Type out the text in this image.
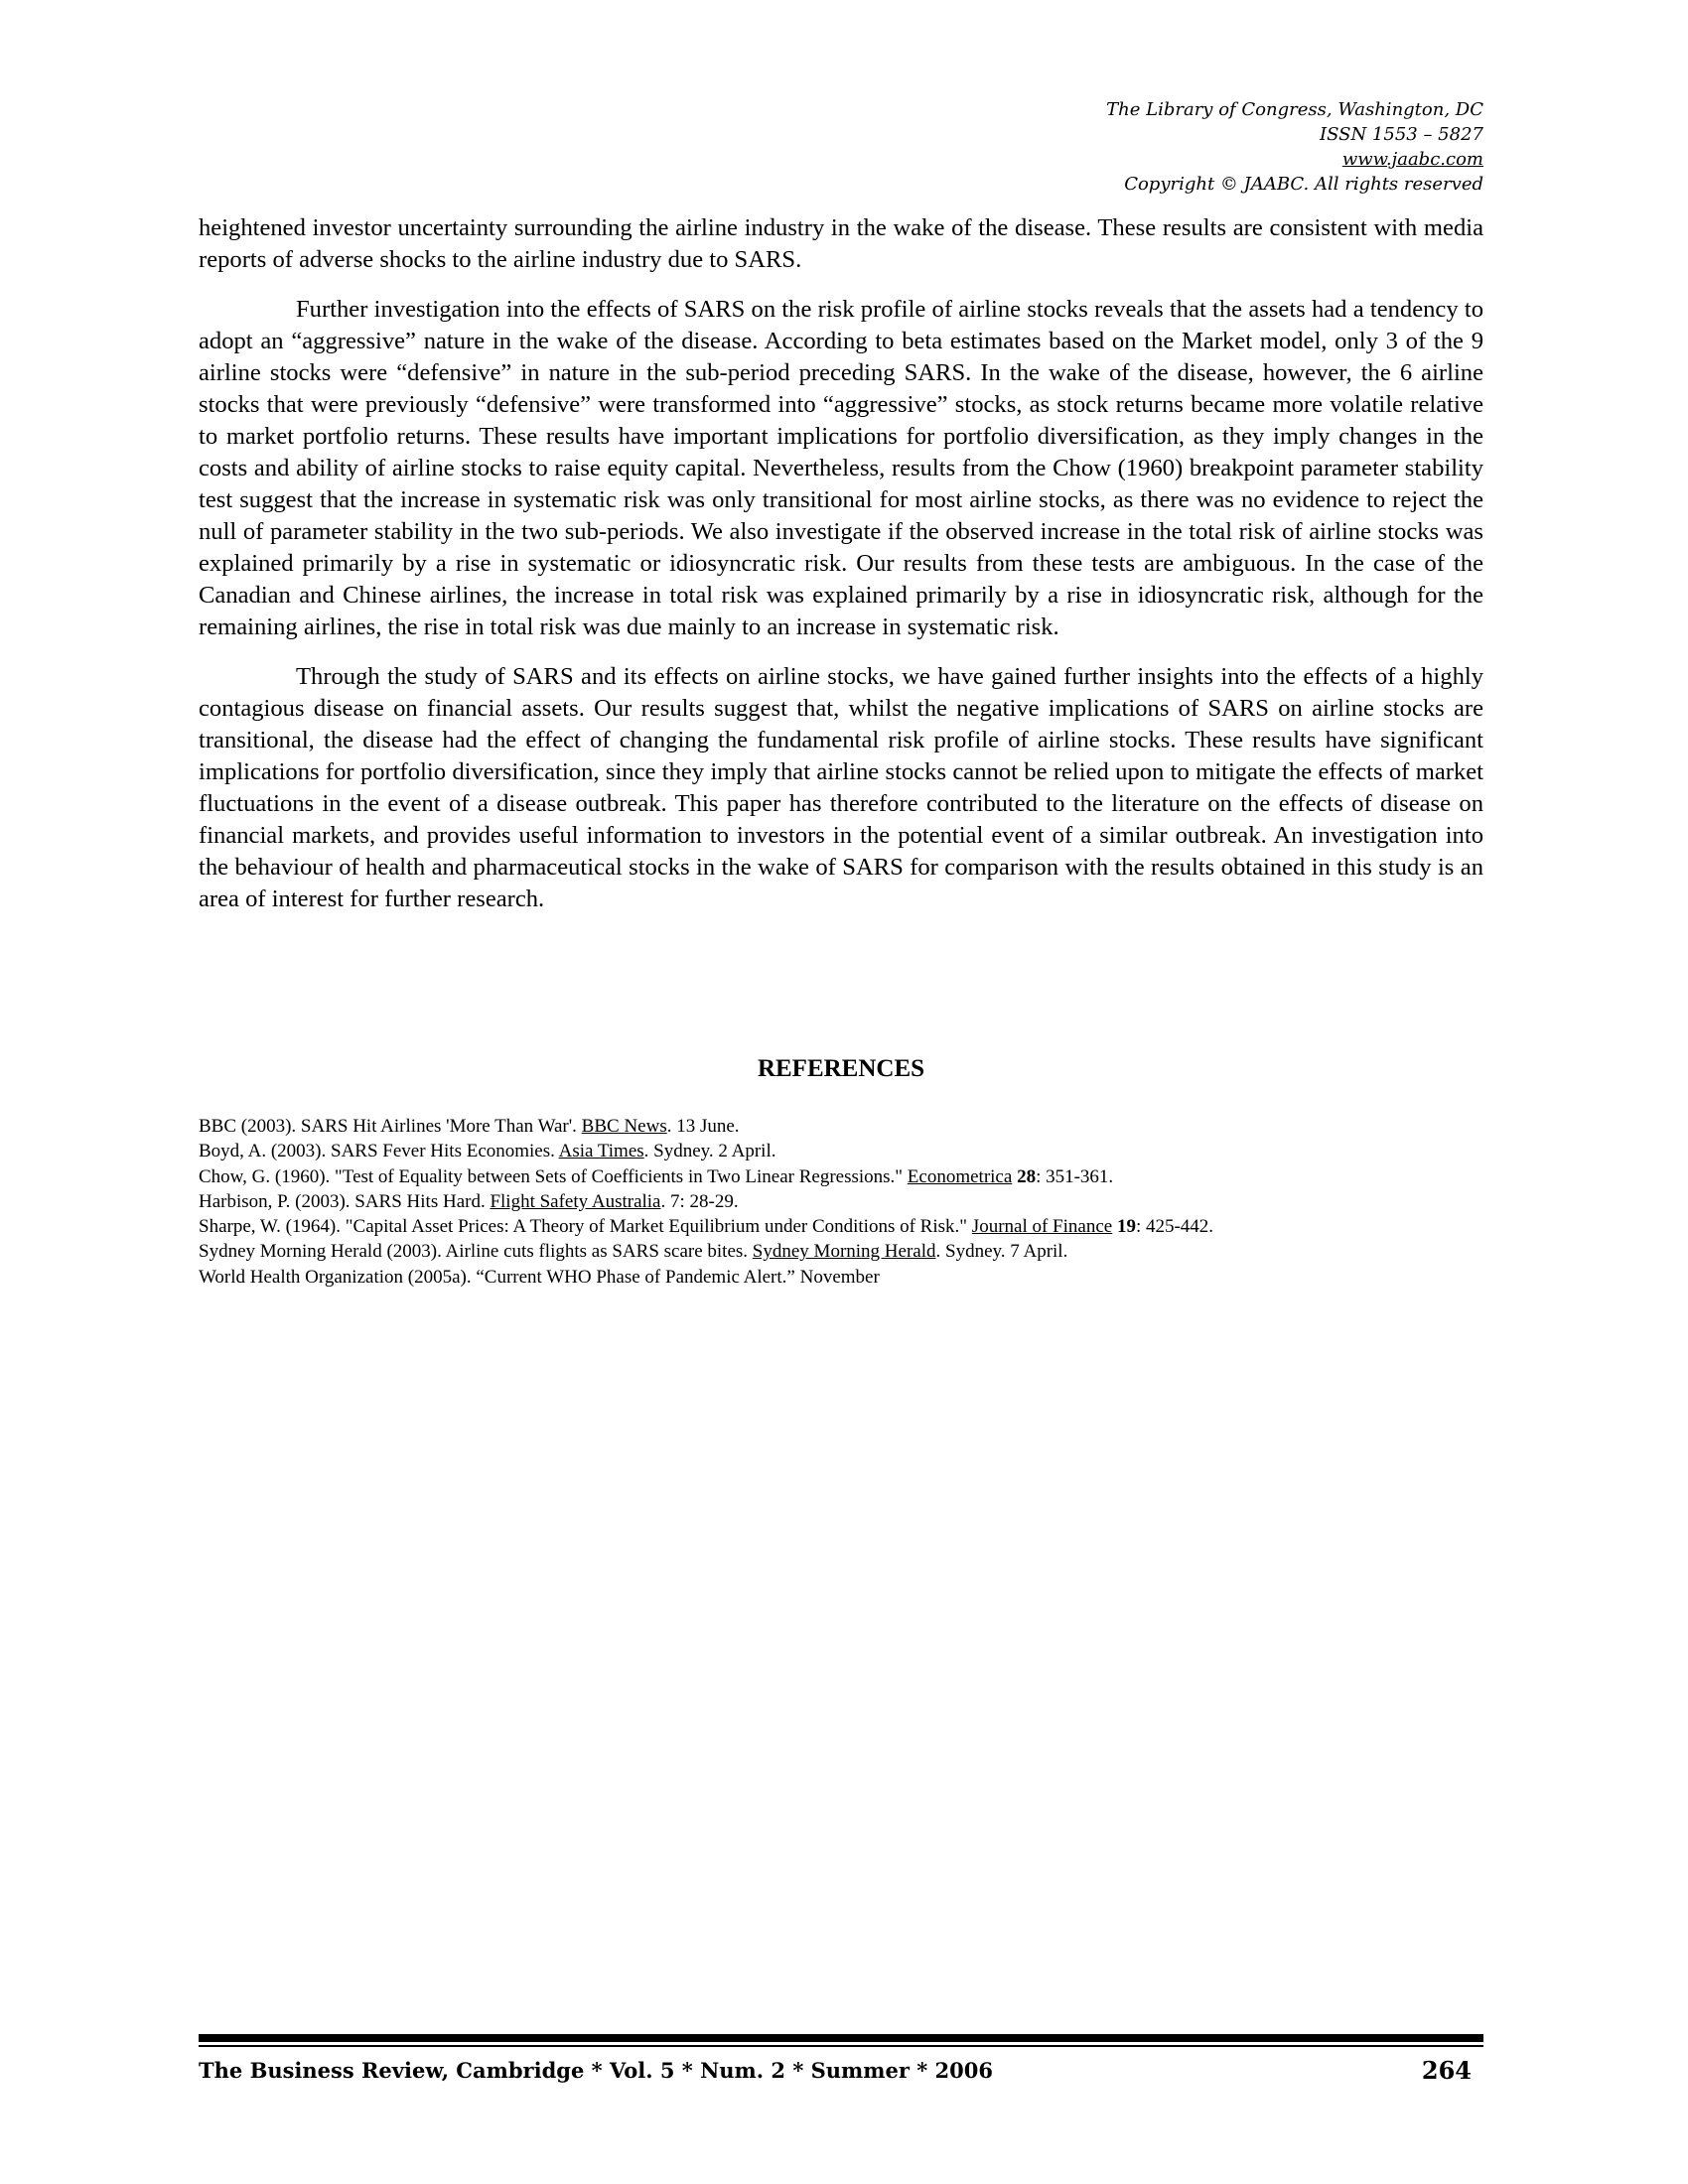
The Library of Congress, Washington, DC
ISSN 1553 – 5827
www.jaabc.com
Copyright © JAABC. All rights reserved

heightened investor uncertainty surrounding the airline industry in the wake of the disease. These results are consistent with media reports of adverse shocks to the airline industry due to SARS.

Further investigation into the effects of SARS on the risk profile of airline stocks reveals that the assets had a tendency to adopt an “aggressive” nature in the wake of the disease. According to beta estimates based on the Market model, only 3 of the 9 airline stocks were “defensive” in nature in the sub-period preceding SARS. In the wake of the disease, however, the 6 airline stocks that were previously “defensive” were transformed into “aggressive” stocks, as stock returns became more volatile relative to market portfolio returns. These results have important implications for portfolio diversification, as they imply changes in the costs and ability of airline stocks to raise equity capital. Nevertheless, results from the Chow (1960) breakpoint parameter stability test suggest that the increase in systematic risk was only transitional for most airline stocks, as there was no evidence to reject the null of parameter stability in the two sub-periods. We also investigate if the observed increase in the total risk of airline stocks was explained primarily by a rise in systematic or idiosyncratic risk. Our results from these tests are ambiguous. In the case of the Canadian and Chinese airlines, the increase in total risk was explained primarily by a rise in idiosyncratic risk, although for the remaining airlines, the rise in total risk was due mainly to an increase in systematic risk.

Through the study of SARS and its effects on airline stocks, we have gained further insights into the effects of a highly contagious disease on financial assets. Our results suggest that, whilst the negative implications of SARS on airline stocks are transitional, the disease had the effect of changing the fundamental risk profile of airline stocks. These results have significant implications for portfolio diversification, since they imply that airline stocks cannot be relied upon to mitigate the effects of market fluctuations in the event of a disease outbreak. This paper has therefore contributed to the literature on the effects of disease on financial markets, and provides useful information to investors in the potential event of a similar outbreak. An investigation into the behaviour of health and pharmaceutical stocks in the wake of SARS for comparison with the results obtained in this study is an area of interest for further research.

REFERENCES
BBC (2003). SARS Hit Airlines 'More Than War'. BBC News. 13 June.
Boyd, A. (2003). SARS Fever Hits Economies. Asia Times. Sydney. 2 April.
Chow, G. (1960). "Test of Equality between Sets of Coefficients in Two Linear Regressions." Econometrica 28: 351-361.
Harbison, P. (2003). SARS Hits Hard. Flight Safety Australia. 7: 28-29.
Sharpe, W. (1964). "Capital Asset Prices: A Theory of Market Equilibrium under Conditions of Risk." Journal of Finance 19: 425-442.
Sydney Morning Herald (2003). Airline cuts flights as SARS scare bites. Sydney Morning Herald. Sydney. 7 April.
World Health Organization (2005a). “Current WHO Phase of Pandemic Alert.” November
The Business Review, Cambridge * Vol. 5 * Num. 2 * Summer * 2006	264
